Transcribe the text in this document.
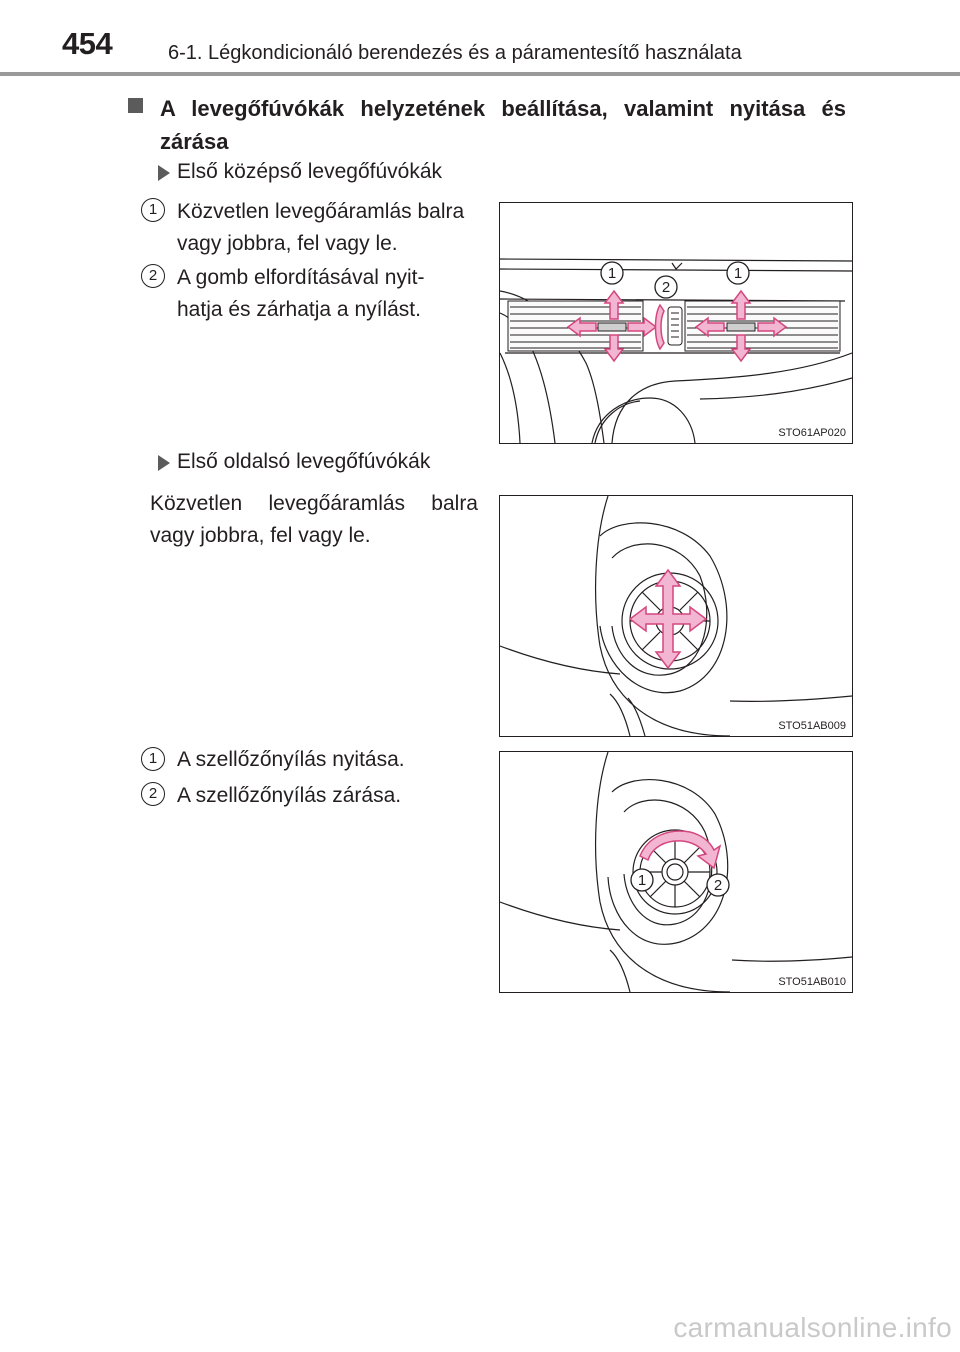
454	6-1. Légkondicionáló berendezés és a páramentesítő használata
A levegőfúvókák helyzetének beállítása, valamint nyitása és zárása
Első középső levegőfúvókák
1 Közvetlen levegőáramlás balra vagy jobbra, fel vagy le.
2 A gomb elfordításával nyit-hatja és zárhatja a nyílást.
1
2
1
STO61AP020
Első oldalsó levegőfúvókák
Közvetlen levegőáramlás balra vagy jobbra, fel vagy le.
STO51AB009
1 A szellőzőnyílás nyitása.
2 A szellőzőnyílás zárása.
1	2
STO51AB010
carmanualsonline.info
